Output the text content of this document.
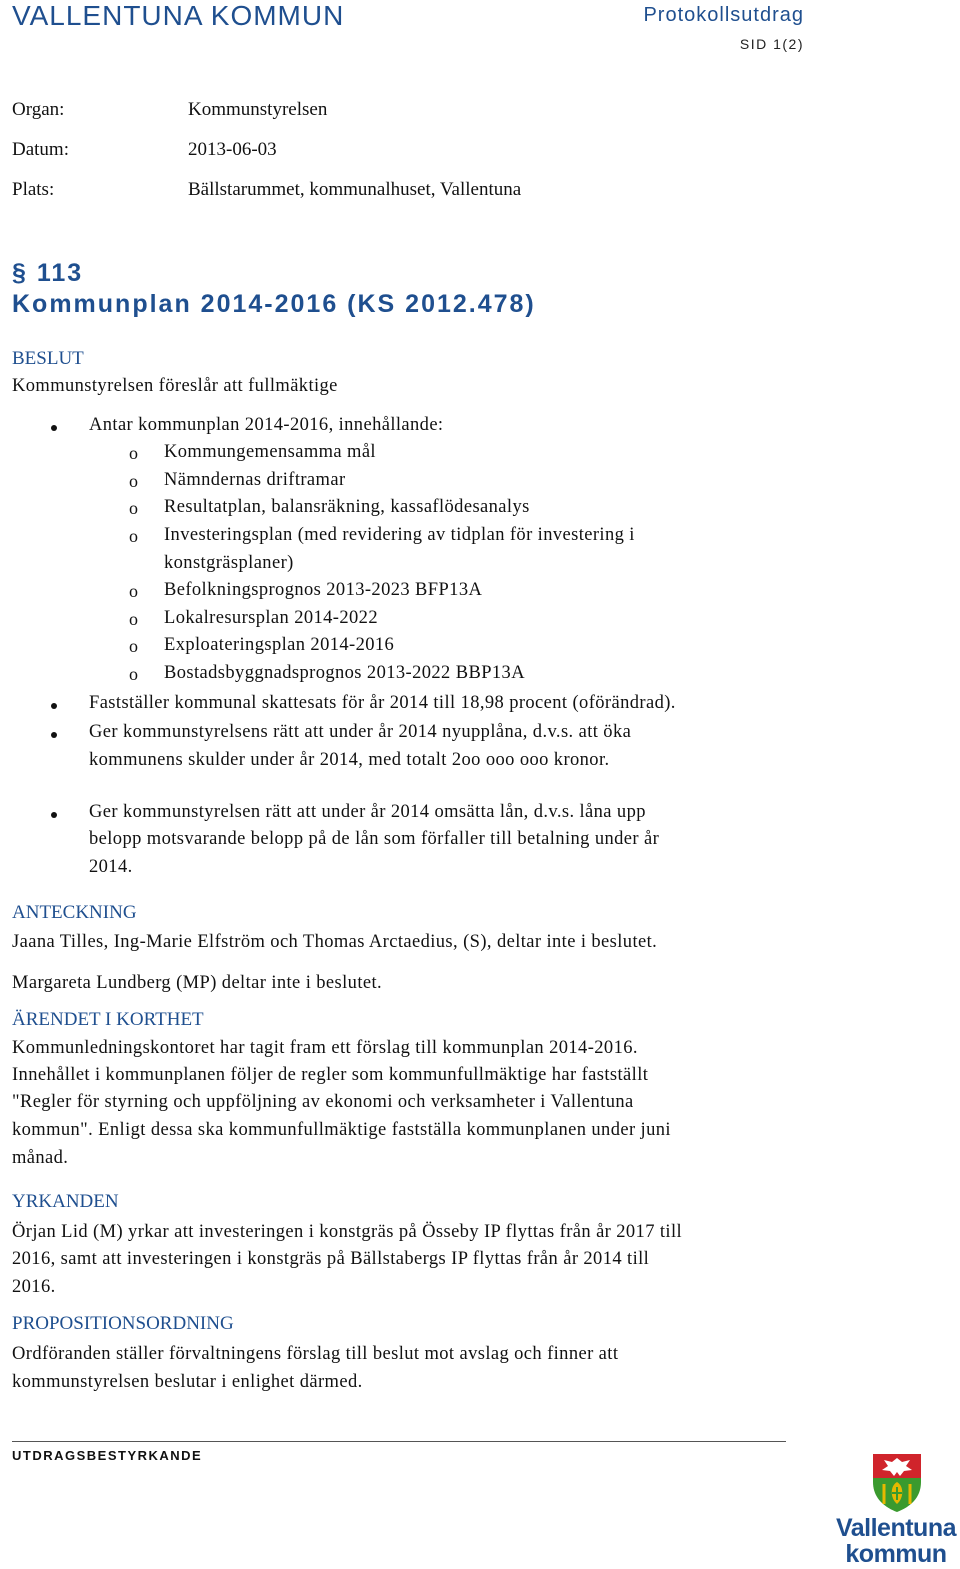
VALLENTUNA KOMMUN	Protokollsutdrag
SID 1(2)
Organ:	Kommunstyrelsen
Datum:	2013-06-03
Plats:	Bällstarummet, kommunalhuset, Vallentuna
§ 113
Kommunplan 2014-2016 (KS 2012.478)
BESLUT
Kommunstyrelsen föreslår att fullmäktige
Antar kommunplan 2014-2016, innehållande:
o Kommungemensamma mål
o Nämndernas driftramar
o Resultatplan, balansräkning, kassaflödesanalys
o Investeringsplan (med revidering av tidplan för investering i
konstgräsplaner)
o Befolkningsprognos 2013-2023 BFP13A
o Lokalresursplan 2014-2022
o Exploateringsplan 2014-2016
o Bostadsbyggnadsprognos 2013-2022 BBP13A
Fastställer kommunal skattesats för år 2014 till 18,98 procent (oförändrad).
Ger kommunstyrelsens rätt att under år 2014 nyupplåna, d.v.s. att öka
kommunens skulder under år 2014, med totalt 2oo ooo ooo kronor.
Ger kommunstyrelsen rätt att under år 2014 omsätta lån, d.v.s. låna upp
belopp motsvarande belopp på de lån som förfaller till betalning under år
2014.
ANTECKNING
Jaana Tilles, Ing-Marie Elfström och Thomas Arctaedius, (S), deltar inte i beslutet.
Margareta Lundberg (MP) deltar inte i beslutet.
ÄRENDET I KORTHET
Kommunledningskontoret har tagit fram ett förslag till kommunplan 2014-2016.
Innehållet i kommunplanen följer de regler som kommunfullmäktige har fastställt
"Regler för styrning och uppföljning av ekonomi och verksamheter i Vallentuna
kommun". Enligt dessa ska kommunfullmäktige fastställa kommunplanen under juni
månad.
YRKANDEN
Örjan Lid (M) yrkar att investeringen i konstgräs på Össeby IP flyttas från år 2017 till
2016, samt att investeringen i konstgräs på Bällstabergs IP flyttas från år 2014 till
2016.
PROPOSITIONSORDNING
Ordföranden ställer förvaltningens förslag till beslut mot avslag och finner att
kommunstyrelsen beslutar i enlighet därmed.
UTDRAGSBESTYRKANDE
Vallentuna
kommun
